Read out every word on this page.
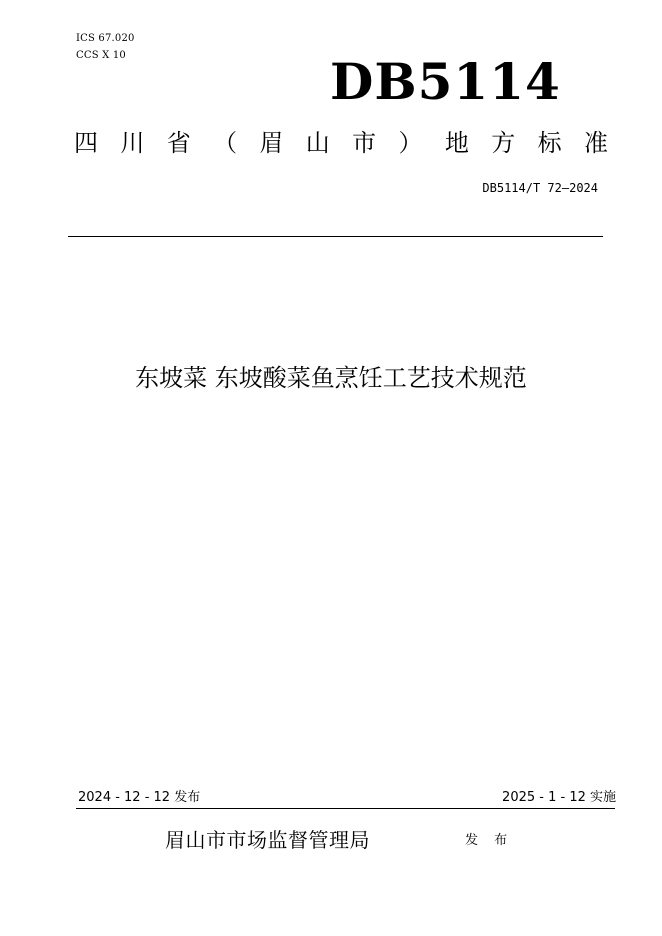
ICS 67.020
CCS X 10	DB5114
四 川 省 （ 眉 山 市 ） 地 方 标 准
DB5114/T 72—2024
东坡菜 东坡酸菜鱼烹饪工艺技术规范
2024 - 12 - 12 发布	2025 - 1 - 12 实施
眉山市市场监督管理局	发 布
